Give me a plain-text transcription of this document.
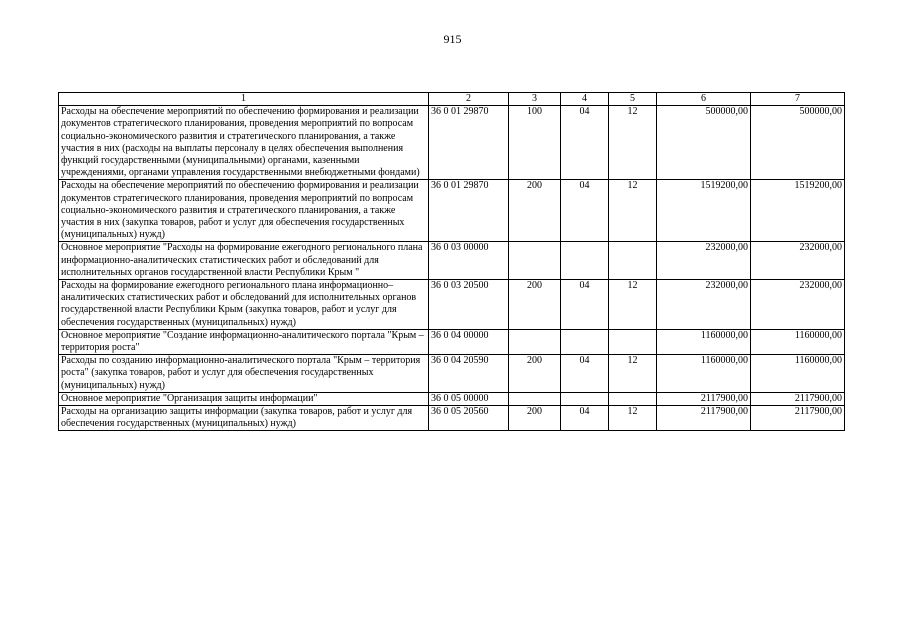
915
1	2	3	4	5	6	7
Расходы на обеспечение мероприятий по обеспечению формирования и реализации документов стратегического планирования, проведения мероприятий по вопросам социально-экономического развития и стратегического планирования, а также участия в них (расходы на выплаты персоналу в целях обеспечения выполнения функций государственными (муниципальными) органами, казенными учреждениями, органами управления государственными внебюджетными фондами)	36 0 01 29870	100	04	12	500000,00	500000,00
Расходы на обеспечение мероприятий по обеспечению формирования и реализации документов стратегического планирования, проведения мероприятий по вопросам социально-экономического развития и стратегического планирования, а также участия в них (закупка товаров, работ и услуг для обеспечения государственных (муниципальных) нужд)	36 0 01 29870	200	04	12	1519200,00	1519200,00
Основное мероприятие "Расходы на формирование ежегодного регионального плана информационно-аналитических статистических работ и обследований для исполнительных органов государственной власти Республики Крым "	36 0 03 00000				232000,00	232000,00
Расходы на формирование ежегодного регионального плана информационно–аналитических статистических работ и обследований для исполнительных органов государственной власти Республики Крым (закупка товаров, работ и услуг для обеспечения государственных (муниципальных) нужд)	36 0 03 20500	200	04	12	232000,00	232000,00
Основное мероприятие "Создание информационно-аналитического портала "Крым – территория роста"	36 0 04 00000				1160000,00	1160000,00
Расходы по созданию информационно-аналитического портала "Крым – территория роста" (закупка товаров, работ и услуг для обеспечения государственных (муниципальных) нужд)	36 0 04 20590	200	04	12	1160000,00	1160000,00
Основное мероприятие "Организация защиты информации"	36 0 05 00000				2117900,00	2117900,00
Расходы на организацию защиты информации (закупка товаров, работ и услуг для обеспечения государственных (муниципальных) нужд)	36 0 05 20560	200	04	12	2117900,00	2117900,00
